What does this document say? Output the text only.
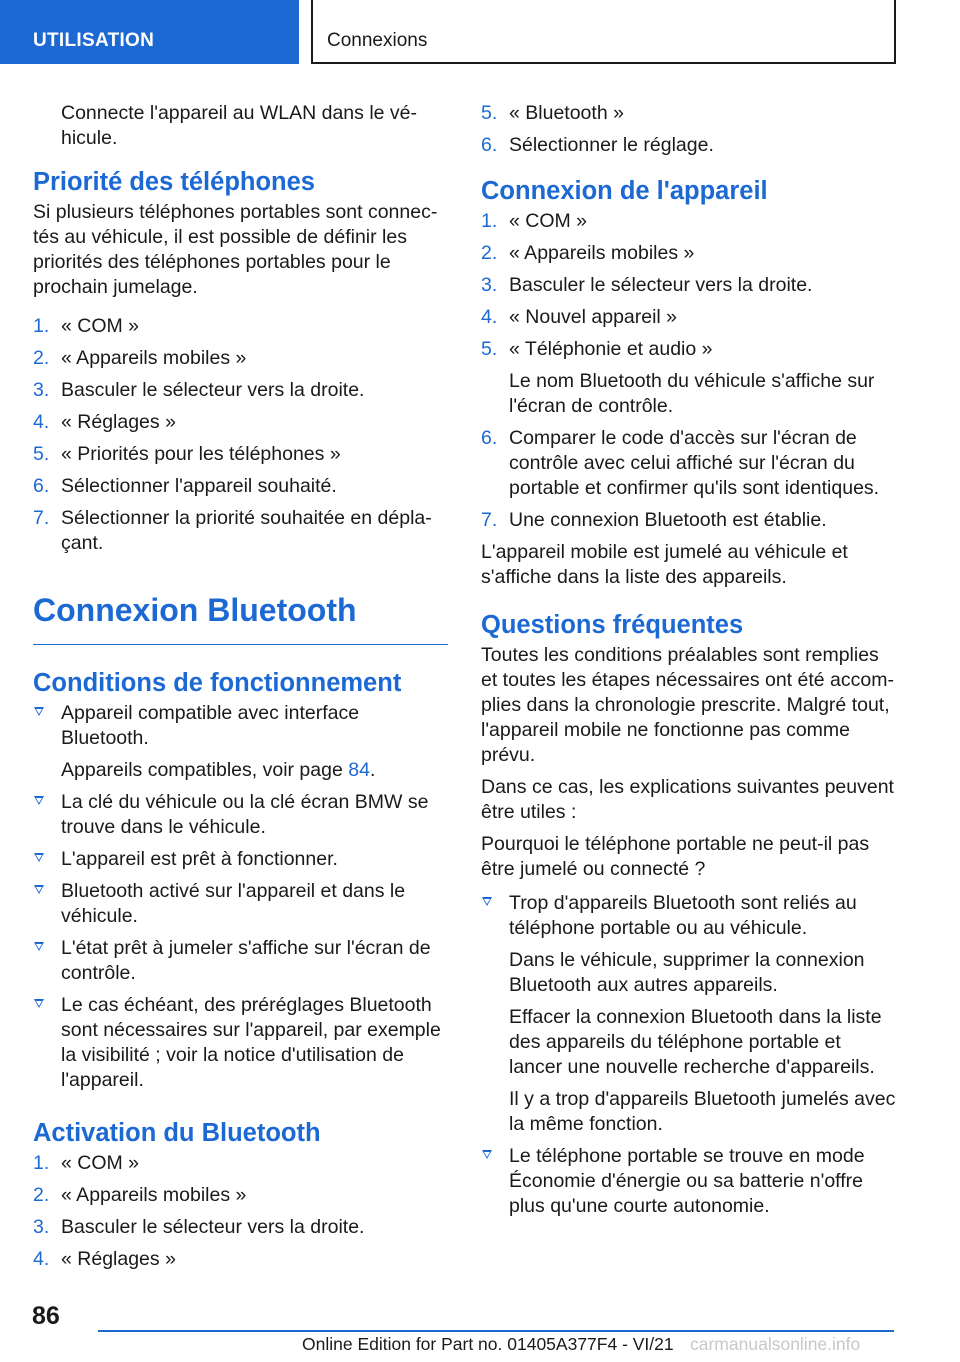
UTILISATION	Connexions

Connecte l'appareil au WLAN dans le véhicule.

Priorité des téléphones

Si plusieurs téléphones portables sont connectés au véhicule, il est possible de définir les priorités des téléphones portables pour le prochain jumelage.

1. « COM »
2. « Appareils mobiles »
3. Basculer le sélecteur vers la droite.
4. « Réglages »
5. « Priorités pour les téléphones »
6. Sélectionner l'appareil souhaité.
7. Sélectionner la priorité souhaitée en déplaçant.
Connexion Bluetooth
Conditions de fonctionnement
Appareil compatible avec interface Bluetooth.
Appareils compatibles, voir page 84.
La clé du véhicule ou la clé écran BMW se trouve dans le véhicule.
L'appareil est prêt à fonctionner.
Bluetooth activé sur l'appareil et dans le véhicule.
L'état prêt à jumeler s'affiche sur l'écran de contrôle.
Le cas échéant, des préréglages Bluetooth sont nécessaires sur l'appareil, par exemple la visibilité ; voir la notice d'utilisation de l'appareil.
Activation du Bluetooth
1. « COM »
2. « Appareils mobiles »
3. Basculer le sélecteur vers la droite.
4. « Réglages »
5. « Bluetooth »
6. Sélectionner le réglage.
Connexion de l'appareil
1. « COM »
2. « Appareils mobiles »
3. Basculer le sélecteur vers la droite.
4. « Nouvel appareil »
5. « Téléphonie et audio »
Le nom Bluetooth du véhicule s'affiche sur l'écran de contrôle.
6. Comparer le code d'accès sur l'écran de contrôle avec celui affiché sur l'écran du portable et confirmer qu'ils sont identiques.
7. Une connexion Bluetooth est établie.

L'appareil mobile est jumelé au véhicule et s'affiche dans la liste des appareils.

Questions fréquentes

Toutes les conditions préalables sont remplies et toutes les étapes nécessaires ont été accomplies dans la chronologie prescrite. Malgré tout, l'appareil mobile ne fonctionne pas comme prévu.

Dans ce cas, les explications suivantes peuvent être utiles :

Pourquoi le téléphone portable ne peut-il pas être jumelé ou connecté ?

Trop d'appareils Bluetooth sont reliés au téléphone portable ou au véhicule.
Dans le véhicule, supprimer la connexion Bluetooth aux autres appareils.
Effacer la connexion Bluetooth dans la liste des appareils du téléphone portable et lancer une nouvelle recherche d'appareils.
Il y a trop d'appareils Bluetooth jumelés avec la même fonction.
Le téléphone portable se trouve en mode Économie d'énergie ou sa batterie n'offre plus qu'une courte autonomie.
86
Online Edition for Part no. 01405A377F4 - VI/21 carmanualsonline.info
